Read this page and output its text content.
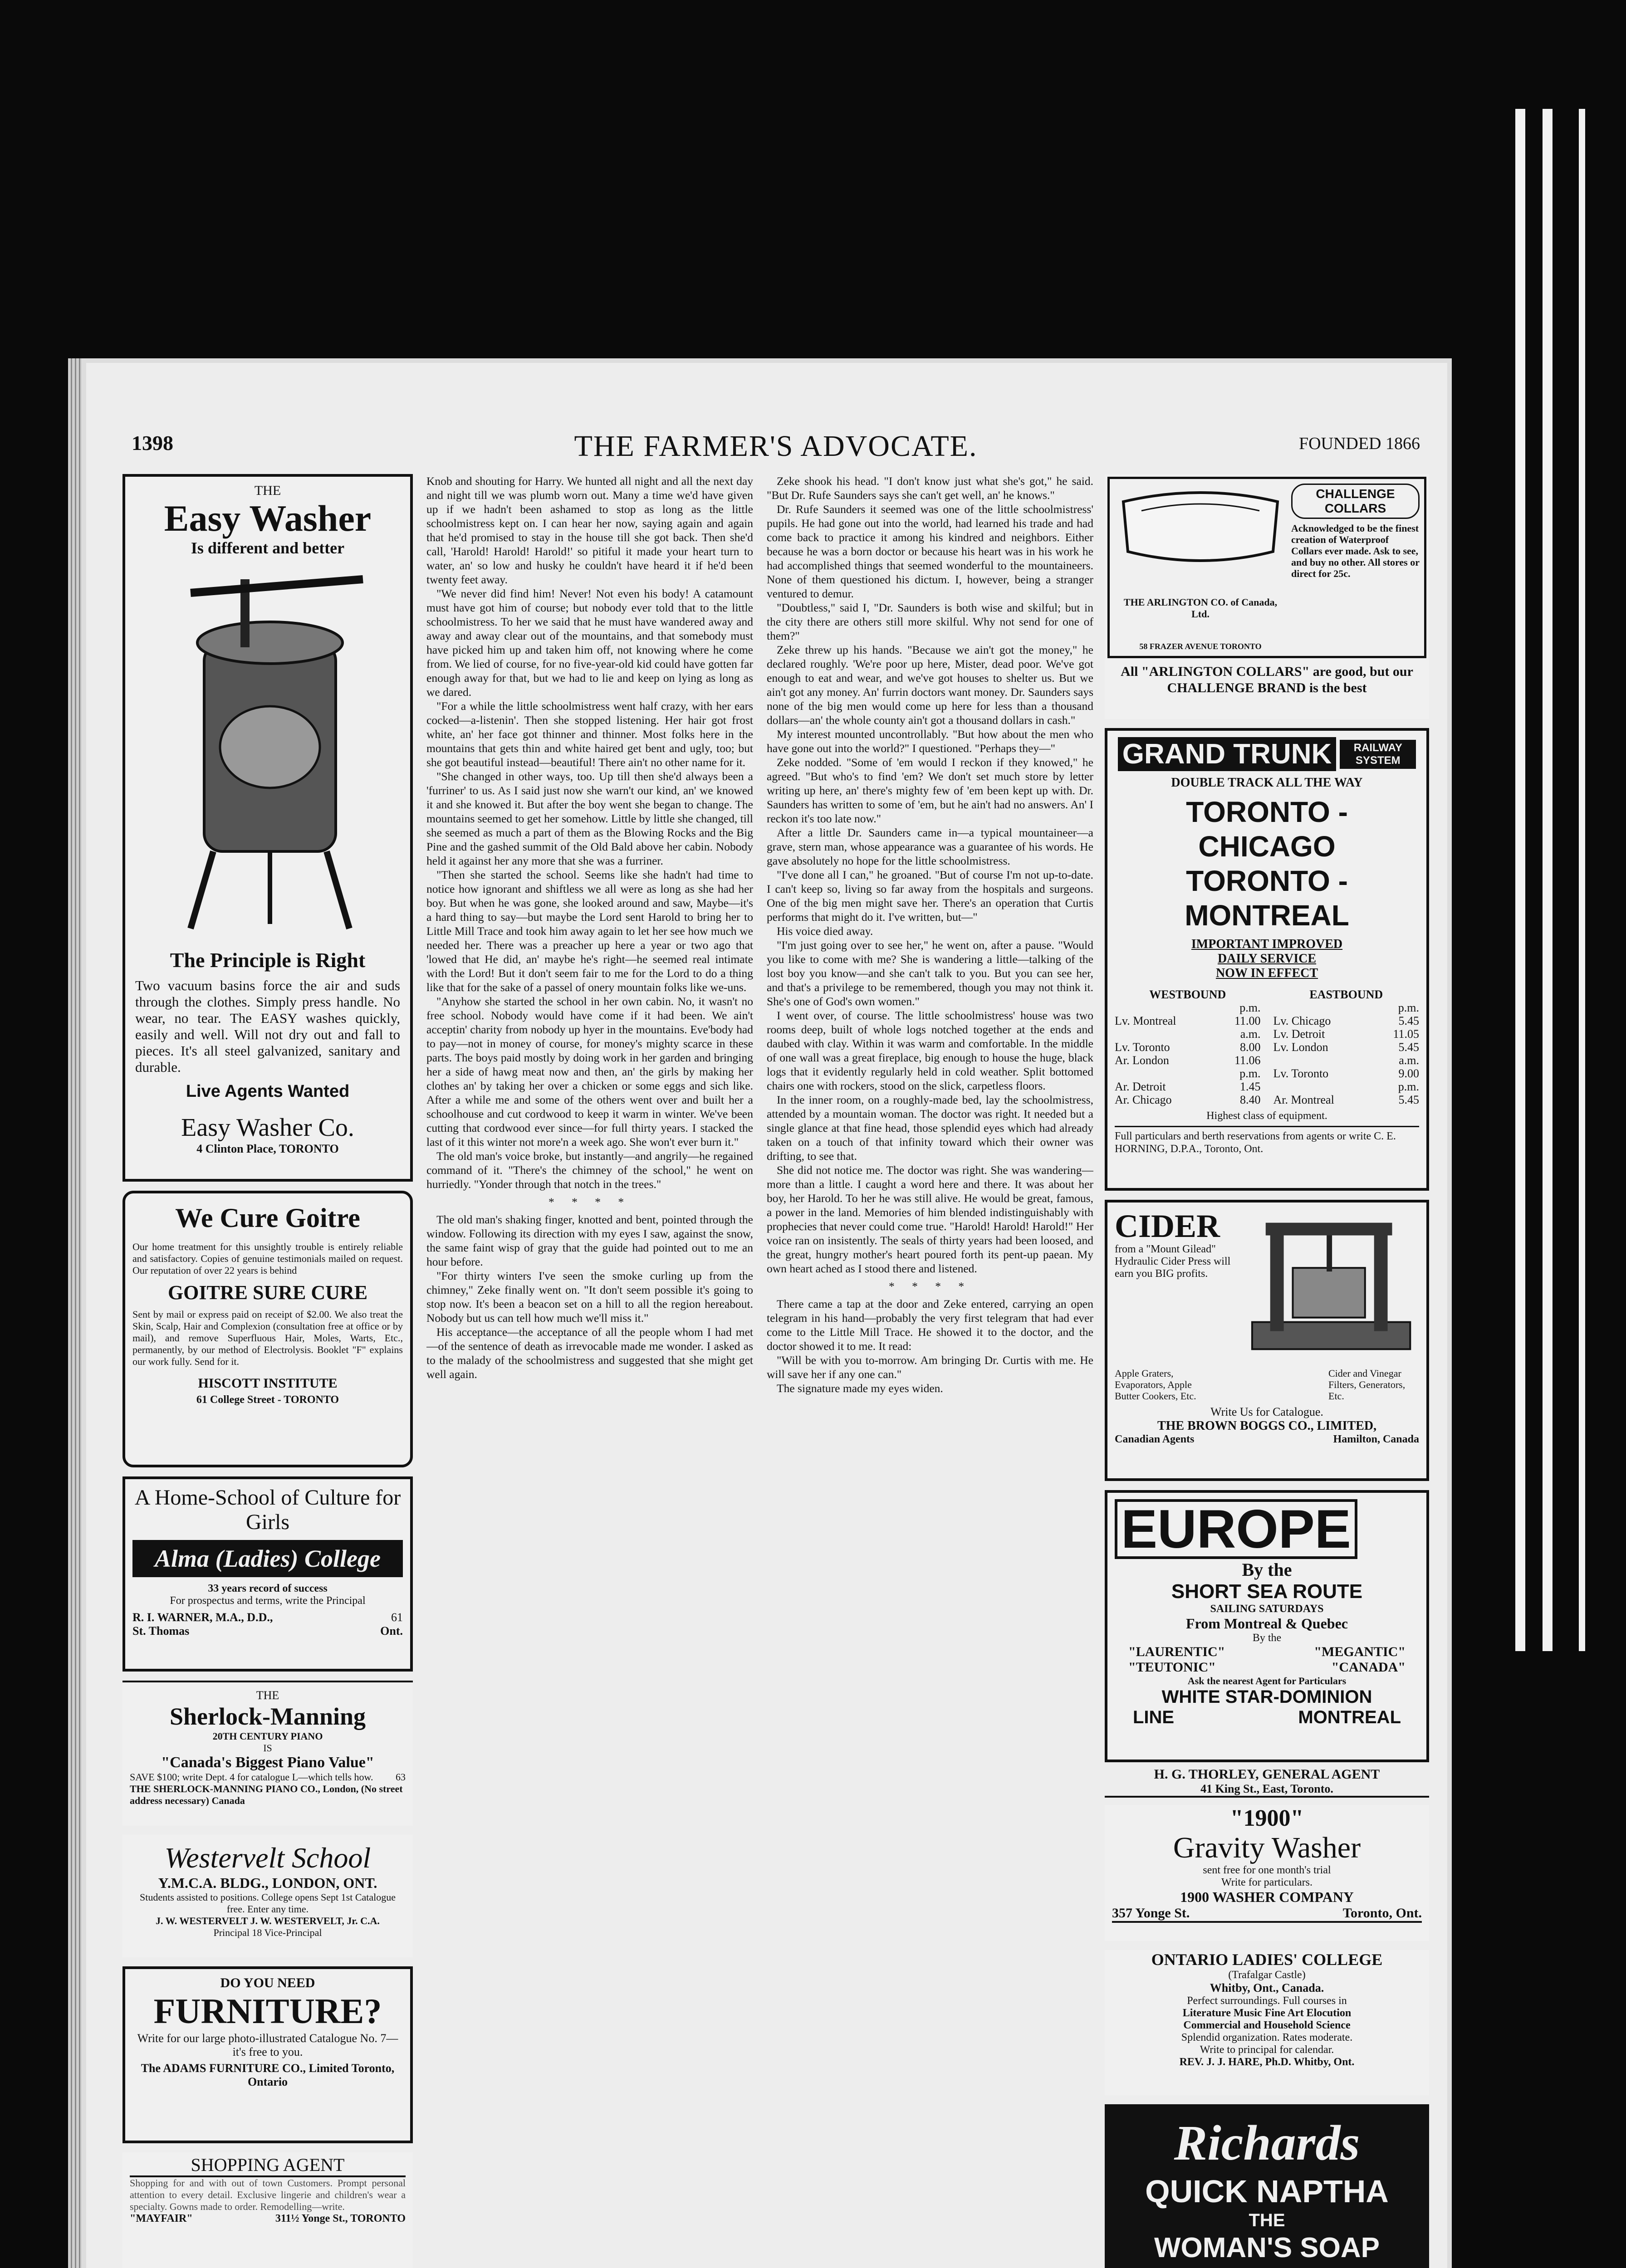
1398	THE FARMER'S ADVOCATE.	FOUNDED 1866
THE
Easy Washer
Is different and better
The Principle is Right
Two vacuum basins force the air and suds through the clothes. Simply press handle. No wear, no tear. The EASY washes quickly, easily and well. Will not dry out and fall to pieces. It's all steel galvanized, sanitary and durable.
Live Agents Wanted
Easy Washer Co.
4 Clinton Place, TORONTO
We Cure Goitre
Our home treatment for this unsightly trouble is entirely reliable and satisfactory. Copies of genuine testimonials mailed on request. Our reputation of over 22 years is behind
GOITRE SURE CURE
Sent by mail or express paid on receipt of $2.00. We also treat the Skin, Scalp, Hair and Complexion (consultation free at office or by mail), and remove Superfluous Hair, Moles, Warts, Etc., permanently, by our method of Electrolysis. Booklet "F" explains our work fully. Send for it.
HISCOTT INSTITUTE
61 College Street - TORONTO
A Home-School of Culture for Girls
Alma (Ladies) College
33 years record of success
For prospectus and terms, write the Principal
R. I. WARNER, M.A., D.D.,	61
St. Thomas	Ont.
THE
Sherlock-Manning
20TH CENTURY PIANO
IS
"Canada's Biggest Piano Value"
SAVE $100; write Dept. 4 for catalogue L—which tells how. 63
THE SHERLOCK-MANNING PIANO CO., London, (No street address necessary) Canada
Westervelt School
Y.M.C.A. BLDG., LONDON, ONT.
Students assisted to positions. College opens Sept 1st Catalogue free. Enter any time.
J. W. WESTERVELT J. W. WESTERVELT, Jr. C.A.
Principal 18 Vice-Principal
DO YOU NEED
FURNITURE?
Write for our large photo-illustrated Catalogue No. 7—it's free to you.
The ADAMS FURNITURE CO., Limited Toronto, Ontario
SHOPPING AGENT
Shopping for and with out of town Customers. Prompt personal attention to every detail. Exclusive lingerie and children's wear a specialty. Gowns made to order. Remodelling—write.
"MAYFAIR"	311½ Yonge St., TORONTO

Knob and shouting for Harry. We hunted all night and all the next day and night till we was plumb worn out. Many a time we'd have given up if we hadn't been ashamed to stop as long as the little schoolmistress kept on. I can hear her now, saying again and again that he'd promised to stay in the house till she got back. Then she'd call, 'Harold! Harold! Harold!' so pitiful it made your heart turn to water, an' so low and husky he couldn't have heard it if he'd been twenty feet away.

"We never did find him! Never! Not even his body! A catamount must have got him of course; but nobody ever told that to the little schoolmistress. To her we said that he must have wandered away and away and away clear out of the mountains, and that somebody must have picked him up and taken him off, not knowing where he come from. We lied of course, for no five-year-old kid could have gotten far enough away for that, but we had to lie and keep on lying as long as we dared.

"For a while the little schoolmistress went half crazy, with her ears cocked—a-listenin'. Then she stopped listening. Her hair got frost white, an' her face got thinner and thinner. Most folks here in the mountains that gets thin and white haired get bent and ugly, too; but she got beautiful instead—beautiful! There ain't no other name for it.

"She changed in other ways, too. Up till then she'd always been a 'furriner' to us. As I said just now she warn't our kind, an' we knowed it and she knowed it. But after the boy went she began to change. The mountains seemed to get her somehow. Little by little she changed, till she seemed as much a part of them as the Blowing Rocks and the Big Pine and the gashed summit of the Old Bald above her cabin. Nobody held it against her any more that she was a furriner.

"Then she started the school. Seems like she hadn't had time to notice how ignorant and shiftless we all were as long as she had her boy. But when he was gone, she looked around and saw, Maybe—it's a hard thing to say—but maybe the Lord sent Harold to bring her to Little Mill Trace and took him away again to let her see how much we needed her. There was a preacher up here a year or two ago that 'lowed that He did, an' maybe he's right—he seemed real intimate with the Lord! But it don't seem fair to me for the Lord to do a thing like that for the sake of a passel of onery mountain folks like we-uns.

"Anyhow she started the school in her own cabin. No, it wasn't no free school. Nobody would have come if it had been. We ain't acceptin' charity from nobody up hyer in the mountains. Eve'body had to pay—not in money of course, for money's mighty scarce in these parts. The boys paid mostly by doing work in her garden and bringing her a side of hawg meat now and then, an' the girls by making her clothes an' by taking her over a chicken or some eggs and sich like. After a while me and some of the others went over and built her a schoolhouse and cut cordwood to keep it warm in winter. We've been cutting that cordwood ever since—for full thirty years. I stacked the last of it this winter not more'n a week ago. She won't ever burn it."

The old man's voice broke, but instantly—and angrily—he regained command of it. "There's the chimney of the school," he went on hurriedly. "Yonder through that notch in the trees."

* * * *

The old man's shaking finger, knotted and bent, pointed through the window. Following its direction with my eyes I saw, against the snow, the same faint wisp of gray that the guide had pointed out to me an hour before.

"For thirty winters I've seen the smoke curling up from the chimney," Zeke finally went on. "It don't seem possible it's going to stop now. It's been a beacon set on a hill to all the region hereabout. Nobody but us can tell how much we'll miss it."

His acceptance—the acceptance of all the people whom I had met—of the sentence of death as irrevocable made me wonder. I asked as to the malady of the schoolmistress and suggested that she might get well again.

Zeke shook his head. "I don't know just what she's got," he said. "But Dr. Rufe Saunders says she can't get well, an' he knows."

Dr. Rufe Saunders it seemed was one of the little schoolmistress' pupils. He had gone out into the world, had learned his trade and had come back to practice it among his kindred and neighbors. Either because he was a born doctor or because his heart was in his work he had accomplished things that seemed wonderful to the mountaineers. None of them questioned his dictum. I, however, being a stranger ventured to demur.

"Doubtless," said I, "Dr. Saunders is both wise and skilful; but in the city there are others still more skilful. Why not send for one of them?"

Zeke threw up his hands. "Because we ain't got the money," he declared roughly. 'We're poor up here, Mister, dead poor. We've got enough to eat and wear, and we've got houses to shelter us. But we ain't got any money. An' furrin doctors want money. Dr. Saunders says none of the big men would come up here for less than a thousand dollars—an' the whole county ain't got a thousand dollars in cash."

My interest mounted uncontrollably. "But how about the men who have gone out into the world?" I questioned. "Perhaps they—"

Zeke nodded. "Some of 'em would I reckon if they knowed," he agreed. "But who's to find 'em? We don't set much store by letter writing up here, an' there's mighty few of 'em been kept up with. Dr. Saunders has written to some of 'em, but he ain't had no answers. An' I reckon it's too late now."

After a little Dr. Saunders came in—a typical mountaineer—a grave, stern man, whose appearance was a guarantee of his words. He gave absolutely no hope for the little schoolmistress.

"I've done all I can," he groaned. "But of course I'm not up-to-date. I can't keep so, living so far away from the hospitals and surgeons. One of the big men might save her. There's an operation that Curtis performs that might do it. I've written, but—"

His voice died away.

"I'm just going over to see her," he went on, after a pause. "Would you like to come with me? She is wandering a little—talking of the lost boy you know—and she can't talk to you. But you can see her, and that's a privilege to be remembered, though you may not think it. She's one of God's own women."

I went over, of course. The little schoolmistress' house was two rooms deep, built of whole logs notched together at the ends and daubed with clay. Within it was warm and comfortable. In the middle of one wall was a great fireplace, big enough to house the huge, black logs that it evidently regularly held in cold weather. Split bottomed chairs one with rockers, stood on the slick, carpetless floors.

In the inner room, on a roughly-made bed, lay the schoolmistress, attended by a mountain woman. The doctor was right. It needed but a single glance at that fine head, those splendid eyes which had already taken on a touch of that infinity toward which their owner was drifting, to see that.

She did not notice me. The doctor was right. She was wandering—more than a little. I caught a word here and there. It was about her boy, her Harold. To her he was still alive. He would be great, famous, a power in the land. Memories of him blended indistinguishably with prophecies that never could come true. "Harold! Harold! Harold!" Her voice ran on insistently. The seals of thirty years had been loosed, and the great, hungry mother's heart poured forth its pent-up paean. My own heart ached as I stood there and listened.

* * * *

There came a tap at the door and Zeke entered, carrying an open telegram in his hand—probably the very first telegram that had ever come to the Little Mill Trace. He showed it to the doctor, and the doctor showed it to me. It read:

"Will be with you to-morrow. Am bringing Dr. Curtis with me. He will save her if any one can."

The signature made my eyes widen.

THE ARLINGTON CO. of Canada, Ltd.
58 FRAZER AVENUE TORONTO
CHALLENGE COLLARS
Acknowledged to be the finest creation of Waterproof Collars ever made. Ask to see, and buy no other. All stores or direct for 25c.
All "ARLINGTON COLLARS" are good, but our CHALLENGE BRAND is the best
GRAND TRUNK	RAILWAY SYSTEM
DOUBLE TRACK ALL THE WAY
TORONTO - CHICAGO
TORONTO - MONTREAL
IMPORTANT IMPROVED
DAILY SERVICE
NOW IN EFFECT
WESTBOUND
p.m.
Lv. Montreal	11.00
a.m.
Lv. Toronto	8.00
Ar. London	11.06
p.m.
Ar. Detroit	1.45
Ar. Chicago	8.40
EASTBOUND
p.m.
Lv. Chicago	5.45
Lv. Detroit	11.05
Lv. London	5.45
a.m.
Lv. Toronto	9.00
p.m.
Ar. Montreal	5.45
Highest class of equipment.
Full particulars and berth reservations from agents or write C. E. HORNING, D.P.A., Toronto, Ont.
CIDER
from a "Mount Gilead" Hydraulic Cider Press will earn you BIG profits.
Apple Graters, Evaporators, Apple Butter Cookers, Etc.
Cider and Vinegar Filters, Generators, Etc.
Write Us for Catalogue.
THE BROWN BOGGS CO., LIMITED,
Canadian Agents	Hamilton, Canada
EUROPE
By the
SHORT SEA ROUTE
SAILING SATURDAYS
From Montreal & Quebec
By the
"LAURENTIC"	"MEGANTIC"
"TEUTONIC"	"CANADA"
Ask the nearest Agent for Particulars
WHITE STAR-DOMINION
LINE	MONTREAL
H. G. THORLEY, GENERAL AGENT
41 King St., East, Toronto.
"1900"
Gravity Washer
sent free for one month's trial
Write for particulars.
1900 WASHER COMPANY
357 Yonge St.	Toronto, Ont.
ONTARIO LADIES' COLLEGE
(Trafalgar Castle)
Whitby, Ont., Canada.
Perfect surroundings. Full courses in
Literature Music Fine Art Elocution
Commercial and Household Science
Splendid organization. Rates moderate.
Write to principal for calendar.
REV. J. J. HARE, Ph.D. Whitby, Ont.
Richards
QUICK NAPTHA
THE
WOMAN'S SOAP
